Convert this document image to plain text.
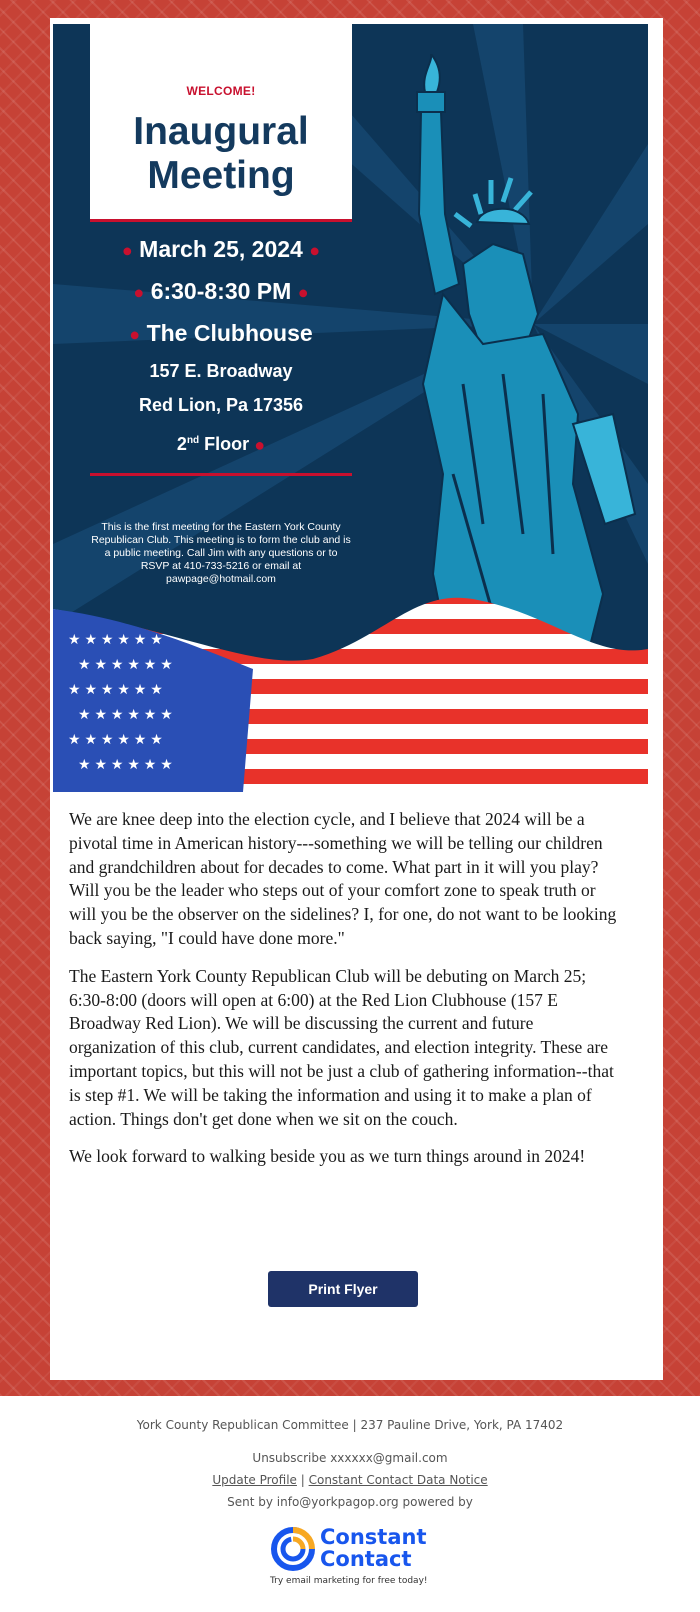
WELCOME!
Inaugural
Meeting
● March 25, 2024 ●
● 6:30-8:30 PM ●
● The Clubhouse
157 E. Broadway
Red Lion, Pa 17356
2nd Floor ●
This is the first meeting for the Eastern York County Republican Club. This meeting is to form the club and is a public meeting. Call Jim with any questions or to RSVP at 410-733-5216 or email at pawpage@hotmail.com
★ ★ ★ ★ ★ ★
★ ★ ★ ★ ★ ★
★ ★ ★ ★ ★ ★
★ ★ ★ ★ ★ ★
★ ★ ★ ★ ★ ★
★ ★ ★ ★ ★ ★

We are knee deep into the election cycle, and I believe that 2024 will be a pivotal time in American history---something we will be telling our children and grandchildren about for decades to come. What part in it will you play? Will you be the leader who steps out of your comfort zone to speak truth or will you be the observer on the sidelines? I, for one, do not want to be looking back saying, "I could have done more."

The Eastern York County Republican Club will be debuting on March 25; 6:30-8:00 (doors will open at 6:00) at the Red Lion Clubhouse (157 E Broadway Red Lion). We will be discussing the current and future organization of this club, current candidates, and election integrity. These are important topics, but this will not be just a club of gathering information--that is step #1. We will be taking the information and using it to make a plan of action. Things don't get done when we sit on the couch.

We look forward to walking beside you as we turn things around in 2024!

Print Flyer
York County Republican Committee | 237 Pauline Drive, York, PA 17402
Unsubscribe xxxxxx@gmail.com
Update Profile | Constant Contact Data Notice
Sent by info@yorkpagop.org powered by
Constant
Contact
Try email marketing for free today!
